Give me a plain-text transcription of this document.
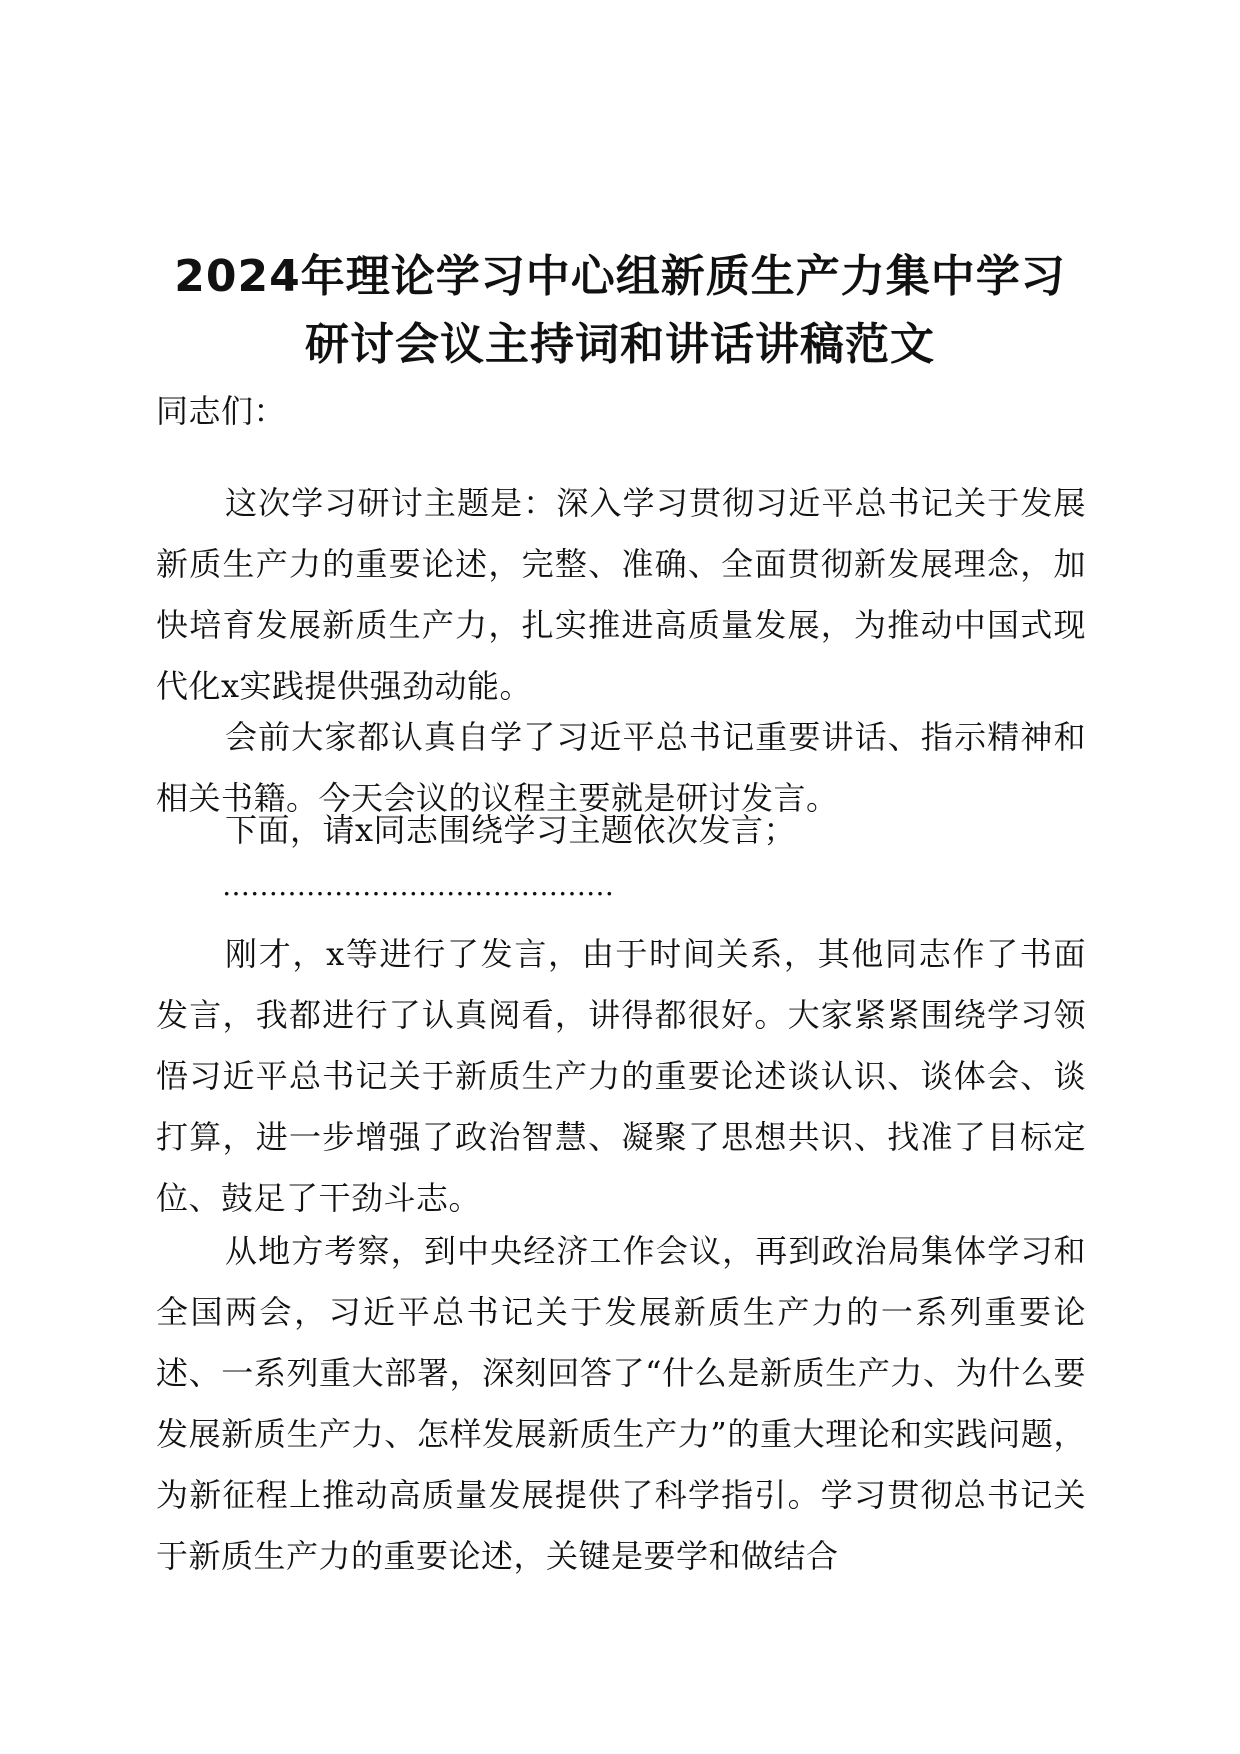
2024年理论学习中心组新质生产力集中学习
研讨会议主持词和讲话讲稿范文
同志们：
这次学习研讨主题是：深入学习贯彻习近平总书记关于发展新质生产力的重要论述，完整、准确、全面贯彻新发展理念，加快培育发展新质生产力，扎实推进高质量发展，为推动中国式现代化x实践提供强劲动能。
会前大家都认真自学了习近平总书记重要讲话、指示精神和相关书籍。今天会议的议程主要就是研讨发言。
下面，请x同志围绕学习主题依次发言；
……………………………………
刚才，x等进行了发言，由于时间关系，其他同志作了书面发言，我都进行了认真阅看，讲得都很好。大家紧紧围绕学习领悟习近平总书记关于新质生产力的重要论述谈认识、谈体会、谈打算，进一步增强了政治智慧、凝聚了思想共识、找准了目标定位、鼓足了干劲斗志。
从地方考察，到中央经济工作会议，再到政治局集体学习和全国两会，习近平总书记关于发展新质生产力的一系列重要论述、一系列重大部署，深刻回答了“什么是新质生产力、为什么要发展新质生产力、怎样发展新质生产力”的重大理论和实践问题，为新征程上推动高质量发展提供了科学指引。学习贯彻总书记关于新质生产力的重要论述，关键是要学和做结合
